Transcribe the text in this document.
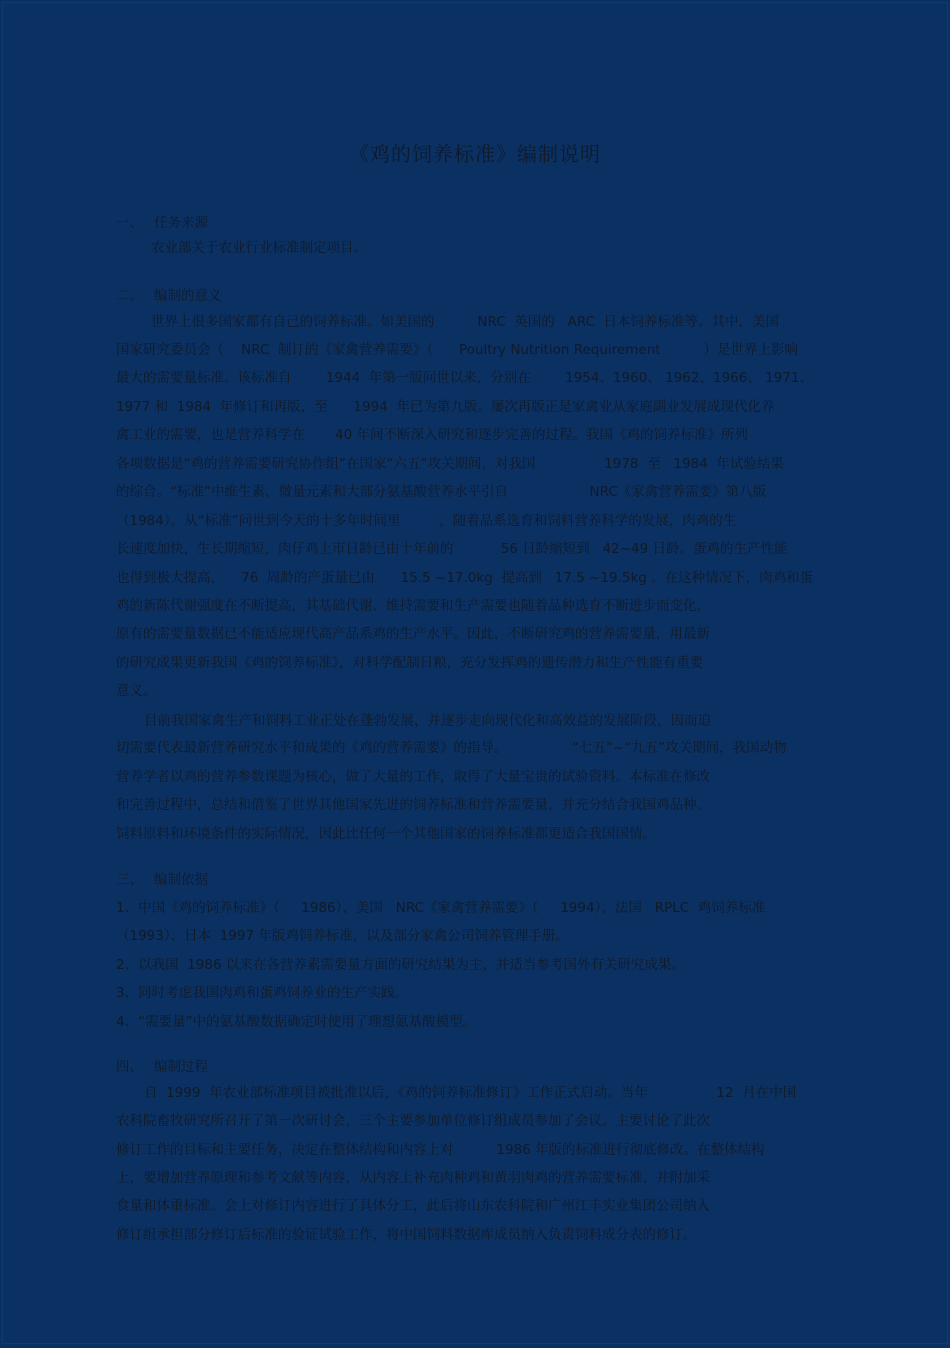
《鸡的饲养标准》编制说明
一、 任务来源
农业部关于农业行业标准制定项目。
二、 编制的意义
世界上很多国家都有自己的饲养标准。如美国的          NRC  英国的   ARC  日本饲养标准等。其中，美国
国家研究委员会（    NRC  制订的《家禽营养需要》（      Poultry Nutrition Requirement          ）是世界上影响
最大的需要量标准。该标准自        1944  年第一版问世以来，分别在        1954、1960、 1962、1966、 1971、
1977 和  1984  年修订和再版，至      1994  年已为第九版。屡次再版正是家禽业从家庭副业发展成现代化养
禽工业的需要，也是营养科学在       40 年间不断深入研究和逐步完善的过程。我国《鸡的饲养标准》所列
各项数据是“鸡的营养需要研究协作组”在国家“六五”攻关期间，对我国                1978  至   1984  年试验结果
的综合。“标准”中维生素、微量元素和大部分氨基酸营养水平引自                   NRC《家禽营养需要》第八版
（1984）。从“标准”问世到今天的十多年时间里         ，随着品系选育和饲料营养科学的发展，肉鸡的生
长速度加快，生长期缩短，肉仔鸡上市日龄已由十年前的           56 日龄缩短到   42~49 日龄。蛋鸡的生产性能
也得到极大提高，    76  周龄的产蛋量已由      15.5 ~17.0kg  提高到   17.5 ~19.5kg 。在这种情况下，肉鸡和蛋
鸡的新陈代谢强度在不断提高，其基础代谢、维持需要和生产需要也随着品种选育不断进步而变化，
原有的需要量数据已不能适应现代高产品系鸡的生产水平。因此，不断研究鸡的营养需要量，用最新
的研究成果更新我国《鸡的饲养标准》，对科学配制日粮，充分发挥鸡的遗传潜力和生产性能有重要
意义。
目前我国家禽生产和饲料工业正处在蓬勃发展，并逐步走向现代化和高效益的发展阶段，因而迫
切需要代表最新营养研究水平和成果的《鸡的营养需要》的指导。               “七五”~“九五”攻关期间，我国动物
营养学者以鸡的营养参数课题为核心，做了大量的工作，取得了大量宝贵的试验资料。本标准在修改
和完善过程中，总结和借鉴了世界其他国家先进的饲养标准和营养需要量，并充分结合我国鸡品种、
饲料原料和环境条件的实际情况，因此比任何一个其他国家的饲养标准都更适合我国国情。
三、 编制依据
1、中国《鸡的饲养标准》（     1986）、美国   NRC《家禽营养需要》（     1994）、法国   RPLC  鸡饲养标准
（1993）、日本  1997 年版鸡饲养标准，以及部分家禽公司饲养管理手册。
2、以我国  1986 以来在各营养素需要量方面的研究结果为主，并适当参考国外有关研究成果。
3、同时考虑我国肉鸡和蛋鸡饲养业的生产实践。
4、“需要量”中的氨基酸数据确定时使用了理想氨基酸模型。
四、 编制过程
自  1999  年农业部标准项目被批准以后，《鸡的饲养标准修订》工作正式启动。当年                12  月在中国
农科院畜牧研究所召开了第一次研讨会，三个主要参加单位修订组成员参加了会议。主要讨论了此次
修订工作的目标和主要任务，决定在整体结构和内容上对          1986 年版的标准进行彻底修改。在整体结构
上，要增加营养原理和参考文献等内容，从内容上补充肉种鸡和黄羽肉鸡的营养需要标准，并附加采
食量和体重标准。会上对修订内容进行了具体分工，此后将山东农科院和广州江丰实业集团公司纳入
修订组承担部分修订后标准的验证试验工作，将中国饲料数据库成员纳入负责饲料成分表的修订。
